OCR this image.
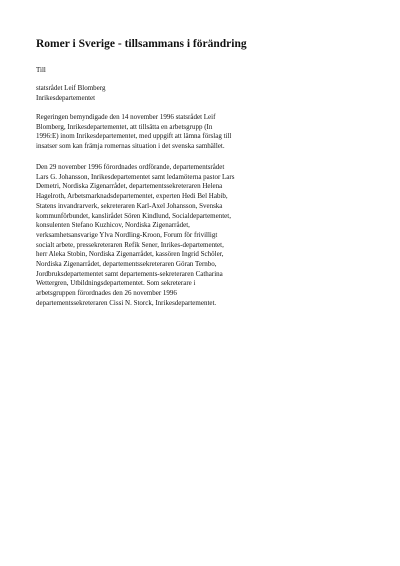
Romer i Sverige - tillsammans i förändring

Till

statsrådet Leif Blomberg
Inrikesdepartementet

Regeringen bemyndigade den 14 november 1996 statsrådet Leif
Blomberg, Inrikesdepartementet, att tillsätta en arbetsgrupp (In
1996:E) inom Inrikesdepartementet, med uppgift att lämna förslag till
insatser som kan främja romernas situation i det svenska samhället.

Den 29 november 1996 förordnades ordförande, departementsrådet
Lars G. Johansson, Inrikesdepartementet samt ledamöterna pastor Lars
Demetri, Nordiska Zigenarrådet, departementssekreteraren Helena
Hagelroth, Arbetsmarknadsdepartementet, experten Hedi Bel Habib,
Statens invandrarverk, sekreteraren Karl-Axel Johansson, Svenska
kommunförbundet, kanslirådet Sören Kindlund, Socialdepartementet,
konsulenten Stefano Kuzhicov, Nordiska Zigenarrådet,
verksamhetsansvarige Ylva Nordling-Kroon, Forum för frivilligt
socialt arbete, pressekreteraren Refik Sener, Inrikes-departementet,
herr Aleka Stobin, Nordiska Zigenarrådet, kassören Ingrid Schöler,
Nordiska Zigenarrådet, departementssekreteraren Göran Ternbo,
Jordbruksdepartementet samt departements-sekreteraren Catharina
Wettergren, Utbildningsdepartementet. Som sekreterare i
arbetsgruppen förordnades den 26 november 1996
departementssekreteraren Cissi N. Storck, Inrikesdepartementet.
